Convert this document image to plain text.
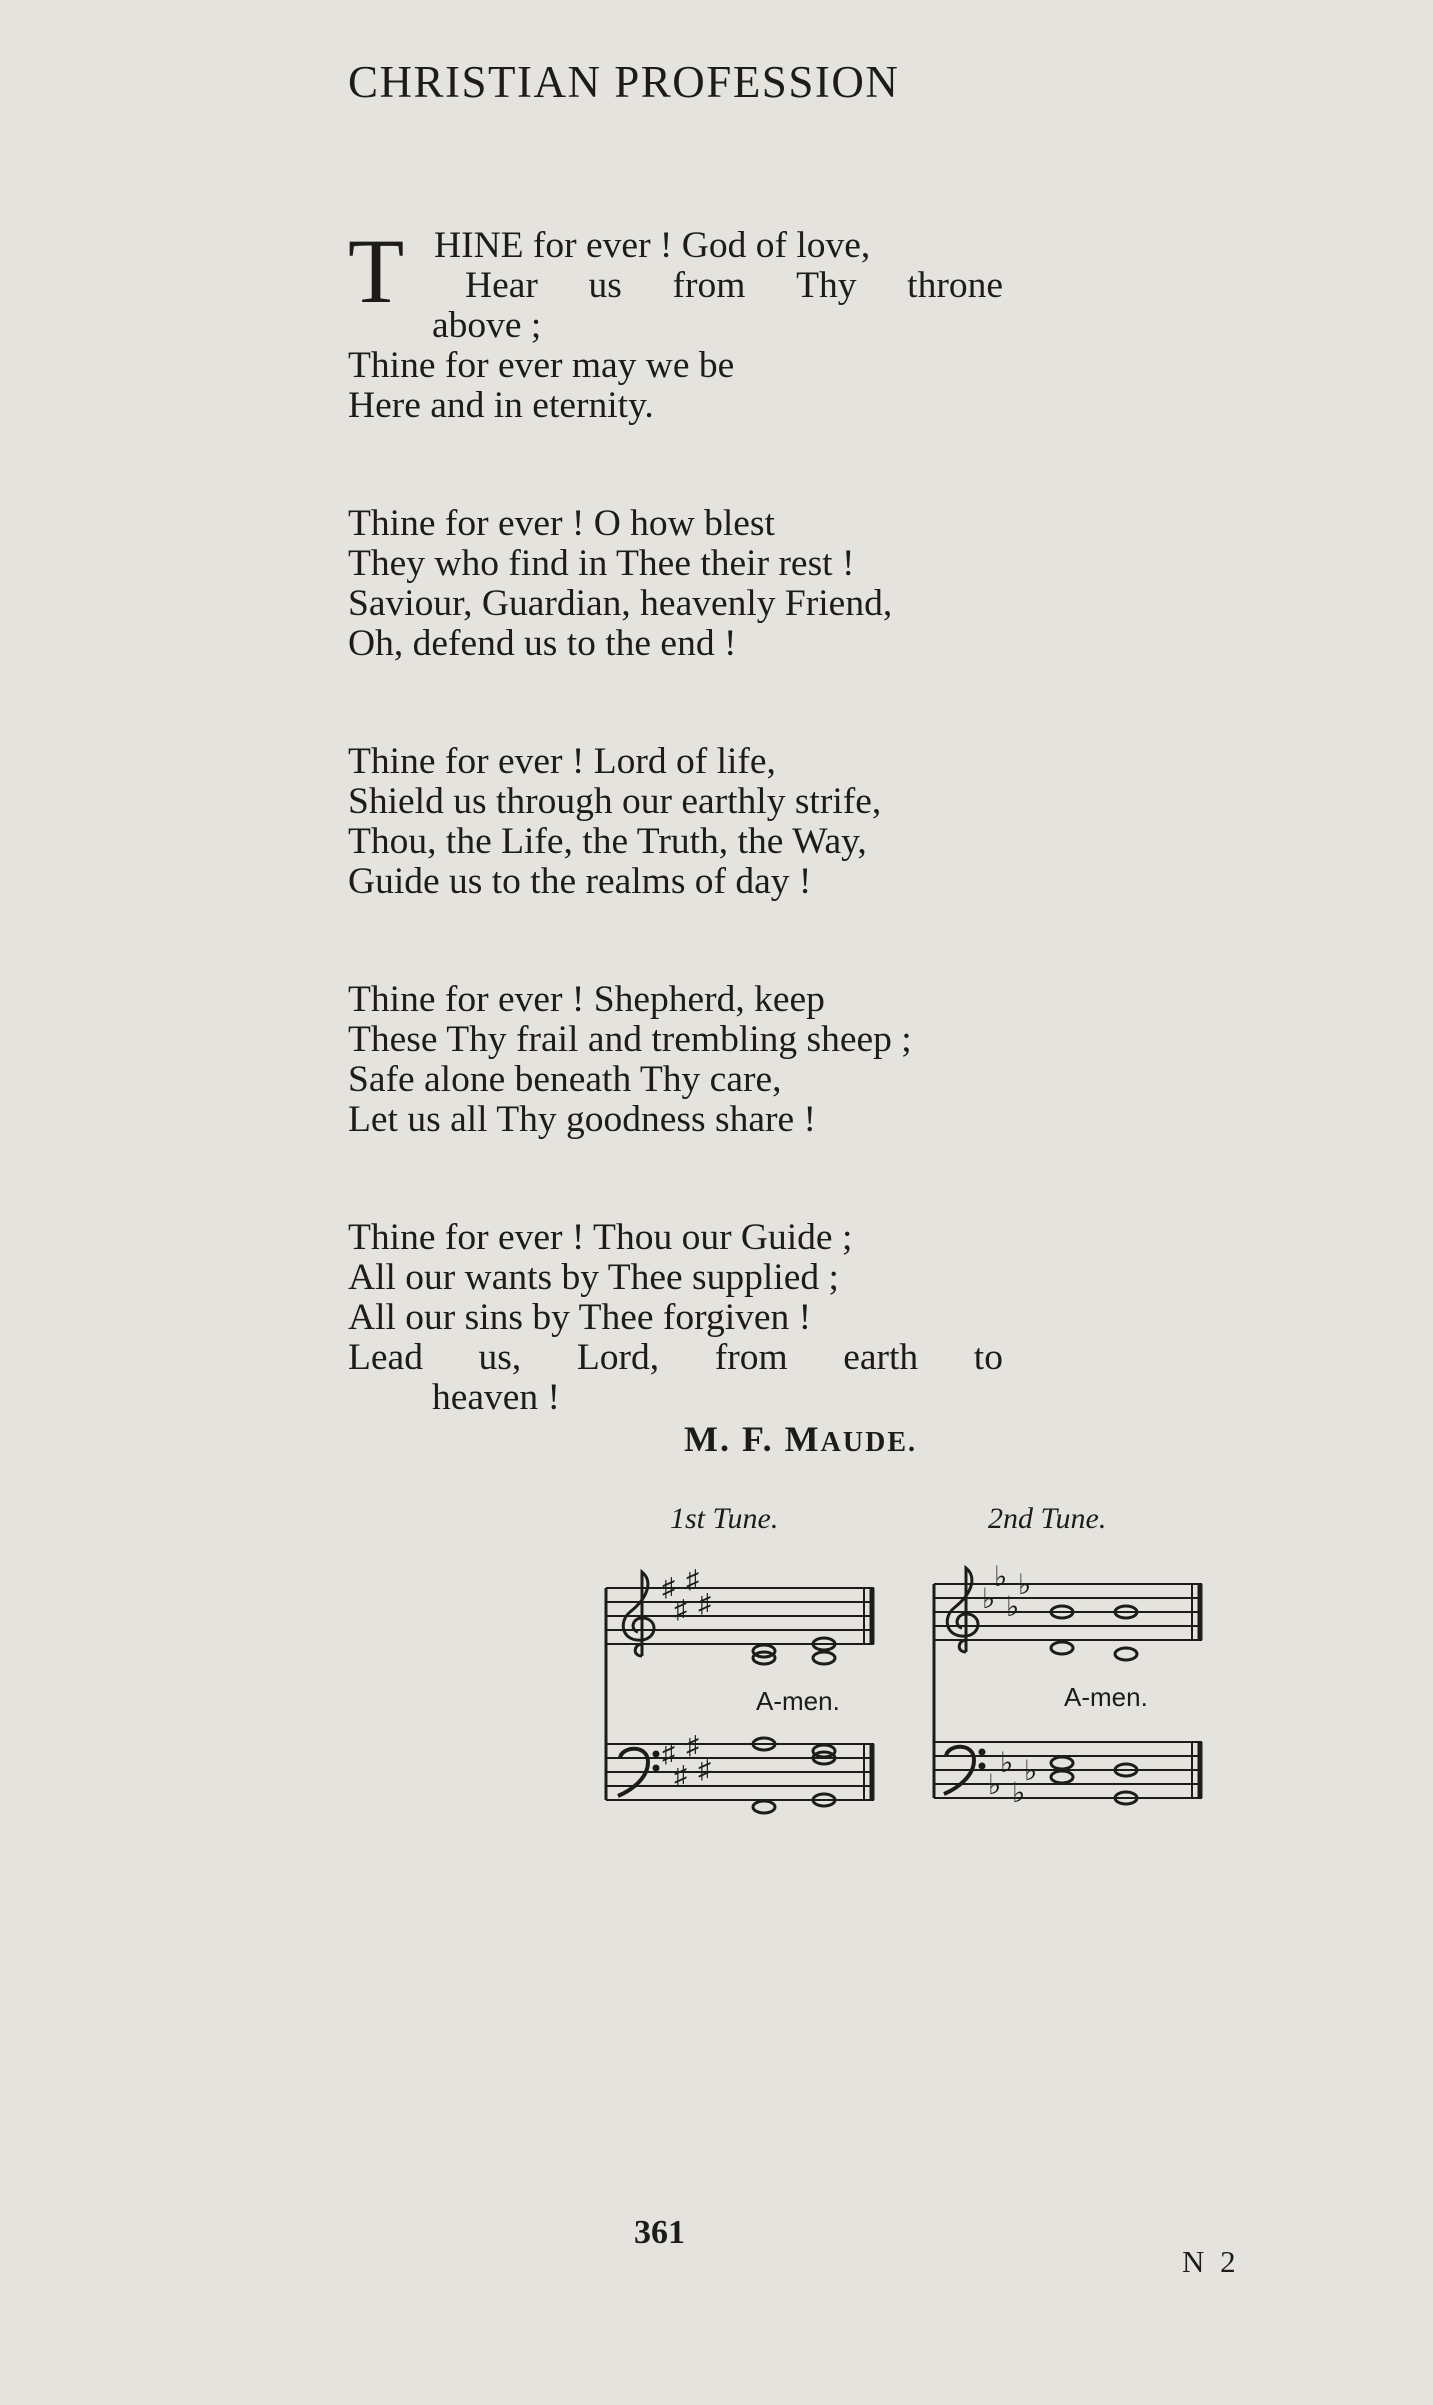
CHRISTIAN PROFESSION
T HINE for ever ! God of love,
Hear us from Thy throne
above ;
Thine for ever may we be
Here and in eternity.
Thine for ever ! O how blest
They who find in Thee their rest !
Saviour, Guardian, heavenly Friend,
Oh, defend us to the end !
Thine for ever ! Lord of life,
Shield us through our earthly strife,
Thou, the Life, the Truth, the Way,
Guide us to the realms of day !
Thine for ever ! Shepherd, keep
These Thy frail and trembling sheep ;
Safe alone beneath Thy care,
Let us all Thy goodness share !
Thine for ever ! Thou our Guide ;
All our wants by Thee supplied ;
All our sins by Thee forgiven !
Lead us, Lord, from earth to
heaven !
M. F. MAUDE.
1st Tune.	2nd Tune.
♯
♯
♯
♯
♯
♯
♯
♯
A-men.
♭
♭
♭
♭
♭
♭
♭
♭
A-men.
361
N 2
